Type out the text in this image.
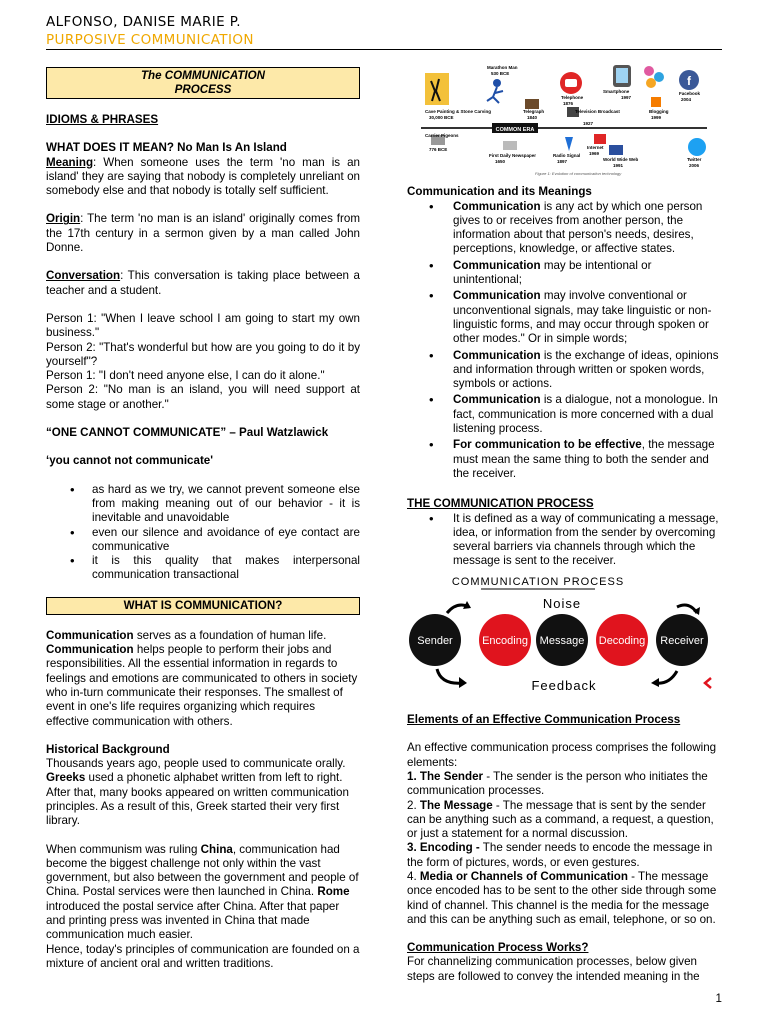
ALFONSO, DANISE MARIE P.
PURPOSIVE COMMUNICATION
The COMMUNICATION
PROCESS

IDIOMS & PHRASES

WHAT DOES IT MEAN? No Man Is An Island

Meaning: When someone uses the term 'no man is an island' they are saying that nobody is completely unreliant on somebody else and that nobody is totally self sufficient.

Origin: The term 'no man is an island' originally comes from the 17th century in a sermon given by a man called John Donne.

Conversation: This conversation is taking place between a teacher and a student.

Person 1: "When I leave school I am going to start my own business."

Person 2: "That's wonderful but how are you going to do it by yourself"?

Person 1: "I don't need anyone else, I can do it alone."

Person 2: "No man is an island, you will need support at some stage or another."

“ONE CANNOT COMMUNICATE” – Paul Watzlawick

‘you cannot not communicate'

• as hard as we try, we cannot prevent someone else from making meaning out of our behavior - it is inevitable and unavoidable
• even our silence and avoidance of eye contact are communicative
• it is this quality that makes interpersonal communication transactional
WHAT IS COMMUNICATION?

Communication serves as a foundation of human life.
Communication helps people to perform their jobs and responsibilities. All the essential information in regards to feelings and emotions are communicated to others in society who in-turn communicate their responses. The smallest of event in one's life requires organizing which requires effective communication with others.

Historical Background

Thousands years ago, people used to communicate orally.
Greeks used a phonetic alphabet written from left to right. After that, many books appeared on written communication principles. As a result of this, Greek started their very first library.

When communism was ruling China, communication had become the biggest challenge not only within the vast government, but also between the government and people of China. Postal services were then launched in China. Rome introduced the postal service after China. After that paper and printing press was invented in China that made communication much easier.

Hence, today's principles of communication are founded on a mixture of ancient oral and written traditions.

COMMON ERA
f
Cave Painting & Stone Carving
30,000 BCE
Marathon Man
530 BCE
Telegraph
1840
Telephone
1876
Television Broadcast
1927
Smartphone
1997
Blogging
1999
Facebook
2004
Carrier Pigeons
776 BCE
First Daily Newspaper
1650
Radio Signal
1897
Internet
1969
World Wide Web
1991
Twitter
2006
Figure 1: Evolution of communication technology

Communication and its Meanings

• Communication is any act by which one person gives to or receives from another person, the information about that person's needs, desires, perceptions, knowledge, or affective states.
• Communication may be intentional or unintentional;
• Communication may involve conventional or unconventional signals, may take linguistic or non-linguistic forms, and may occur through spoken or other modes." Or in simple words;
• Communication is the exchange of ideas, opinions and information through written or spoken words, symbols or actions.
• Communication is a dialogue, not a monologue. In fact, communication is more concerned with a dual listening process.
• For communication to be effective, the message must mean the same thing to both the sender and the receiver.

THE COMMUNICATION PROCESS

• It is defined as a way of communicating a message, idea, or information from the sender by overcoming several barriers via channels through which the message is sent to the receiver.
COMMUNICATION PROCESS
Noise
Sender	Encoding Message Decoding Receiver
Feedback

Elements of an Effective Communication Process

An effective communication process comprises the following elements:

1. The Sender - The sender is the person who initiates the communication processes.

2. The Message - The message that is sent by the sender can be anything such as a command, a request, a question, or just a statement for a normal discussion.

3. Encoding - The sender needs to encode the message in the form of pictures, words, or even gestures.

4. Media or Channels of Communication - The message once encoded has to be sent to the other side through some kind of channel. This channel is the media for the message and this can be anything such as email, telephone, or so on.

Communication Process Works?

For channelizing communication processes, below given steps are followed to convey the intended meaning in the

1
